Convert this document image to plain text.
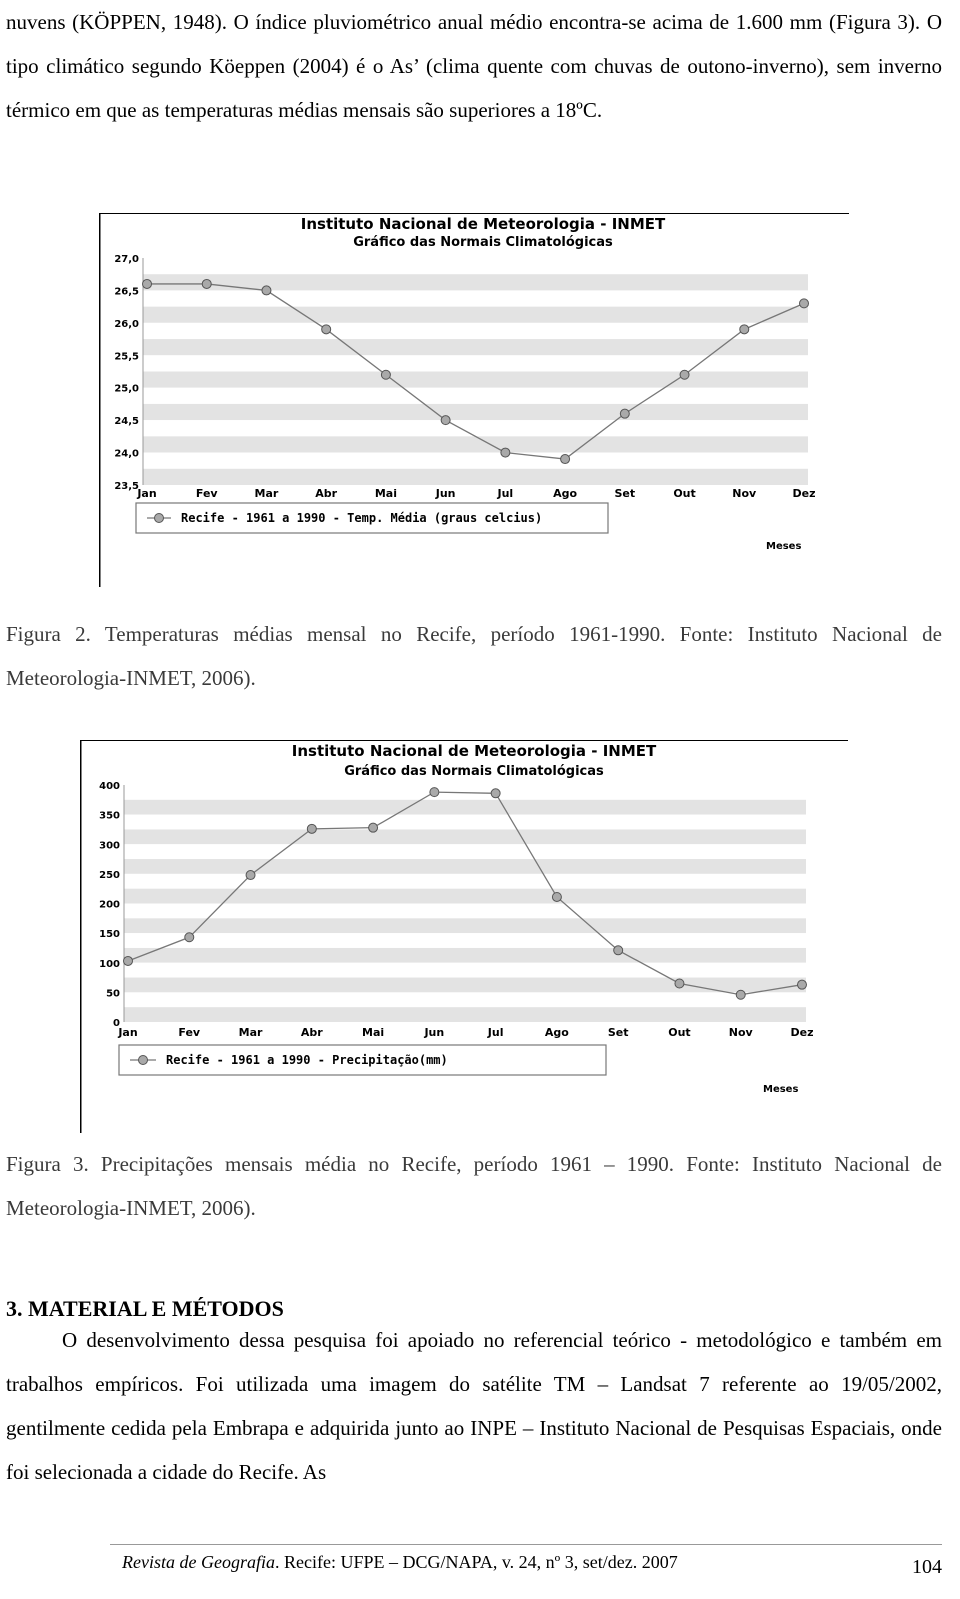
nuvens (KÖPPEN, 1948). O índice pluviométrico anual médio encontra-se acima de 1.600 mm (Figura 3). O tipo climático segundo Köeppen (2004) é o As’ (clima quente com chuvas de outono-inverno), sem inverno térmico em que as temperaturas médias mensais são superiores a 18ºC.

Instituto Nacional de Meteorologia - INMET
Gráfico das Normais Climatológicas
27,0
26,5
26,0
25,5
25,0
24,5
24,0
23,5
Jan	Fev	Mar	Abr	Mai	Jun	Jul	Ago	Set	Out	Nov	Dez
Recife - 1961 a 1990 - Temp. Média (graus celcius)
Meses

Figura 2. Temperaturas médias mensal no Recife, período 1961-1990. Fonte: Instituto Nacional de Meteorologia-INMET, 2006).

Instituto Nacional de Meteorologia - INMET
Gráfico das Normais Climatológicas
400
350
300
250
200
150
100
50
0
Jan	Fev	Mar	Abr	Mai	Jun	Jul	Ago	Set	Out	Nov	Dez
Recife - 1961 a 1990 - Precipitação(mm)
Meses

Figura 3. Precipitações mensais média no Recife, período 1961 – 1990. Fonte: Instituto Nacional de Meteorologia-INMET, 2006).

3. MATERIAL E MÉTODOS

O desenvolvimento dessa pesquisa foi apoiado no referencial teórico - metodológico e também em trabalhos empíricos. Foi utilizada uma imagem do satélite TM – Landsat 7 referente ao 19/05/2002, gentilmente cedida pela Embrapa e adquirida junto ao INPE – Instituto Nacional de Pesquisas Espaciais, onde foi selecionada a cidade do Recife. As

Revista de Geografia. Recife: UFPE – DCG/NAPA, v. 24, nº 3, set/dez. 2007	104
